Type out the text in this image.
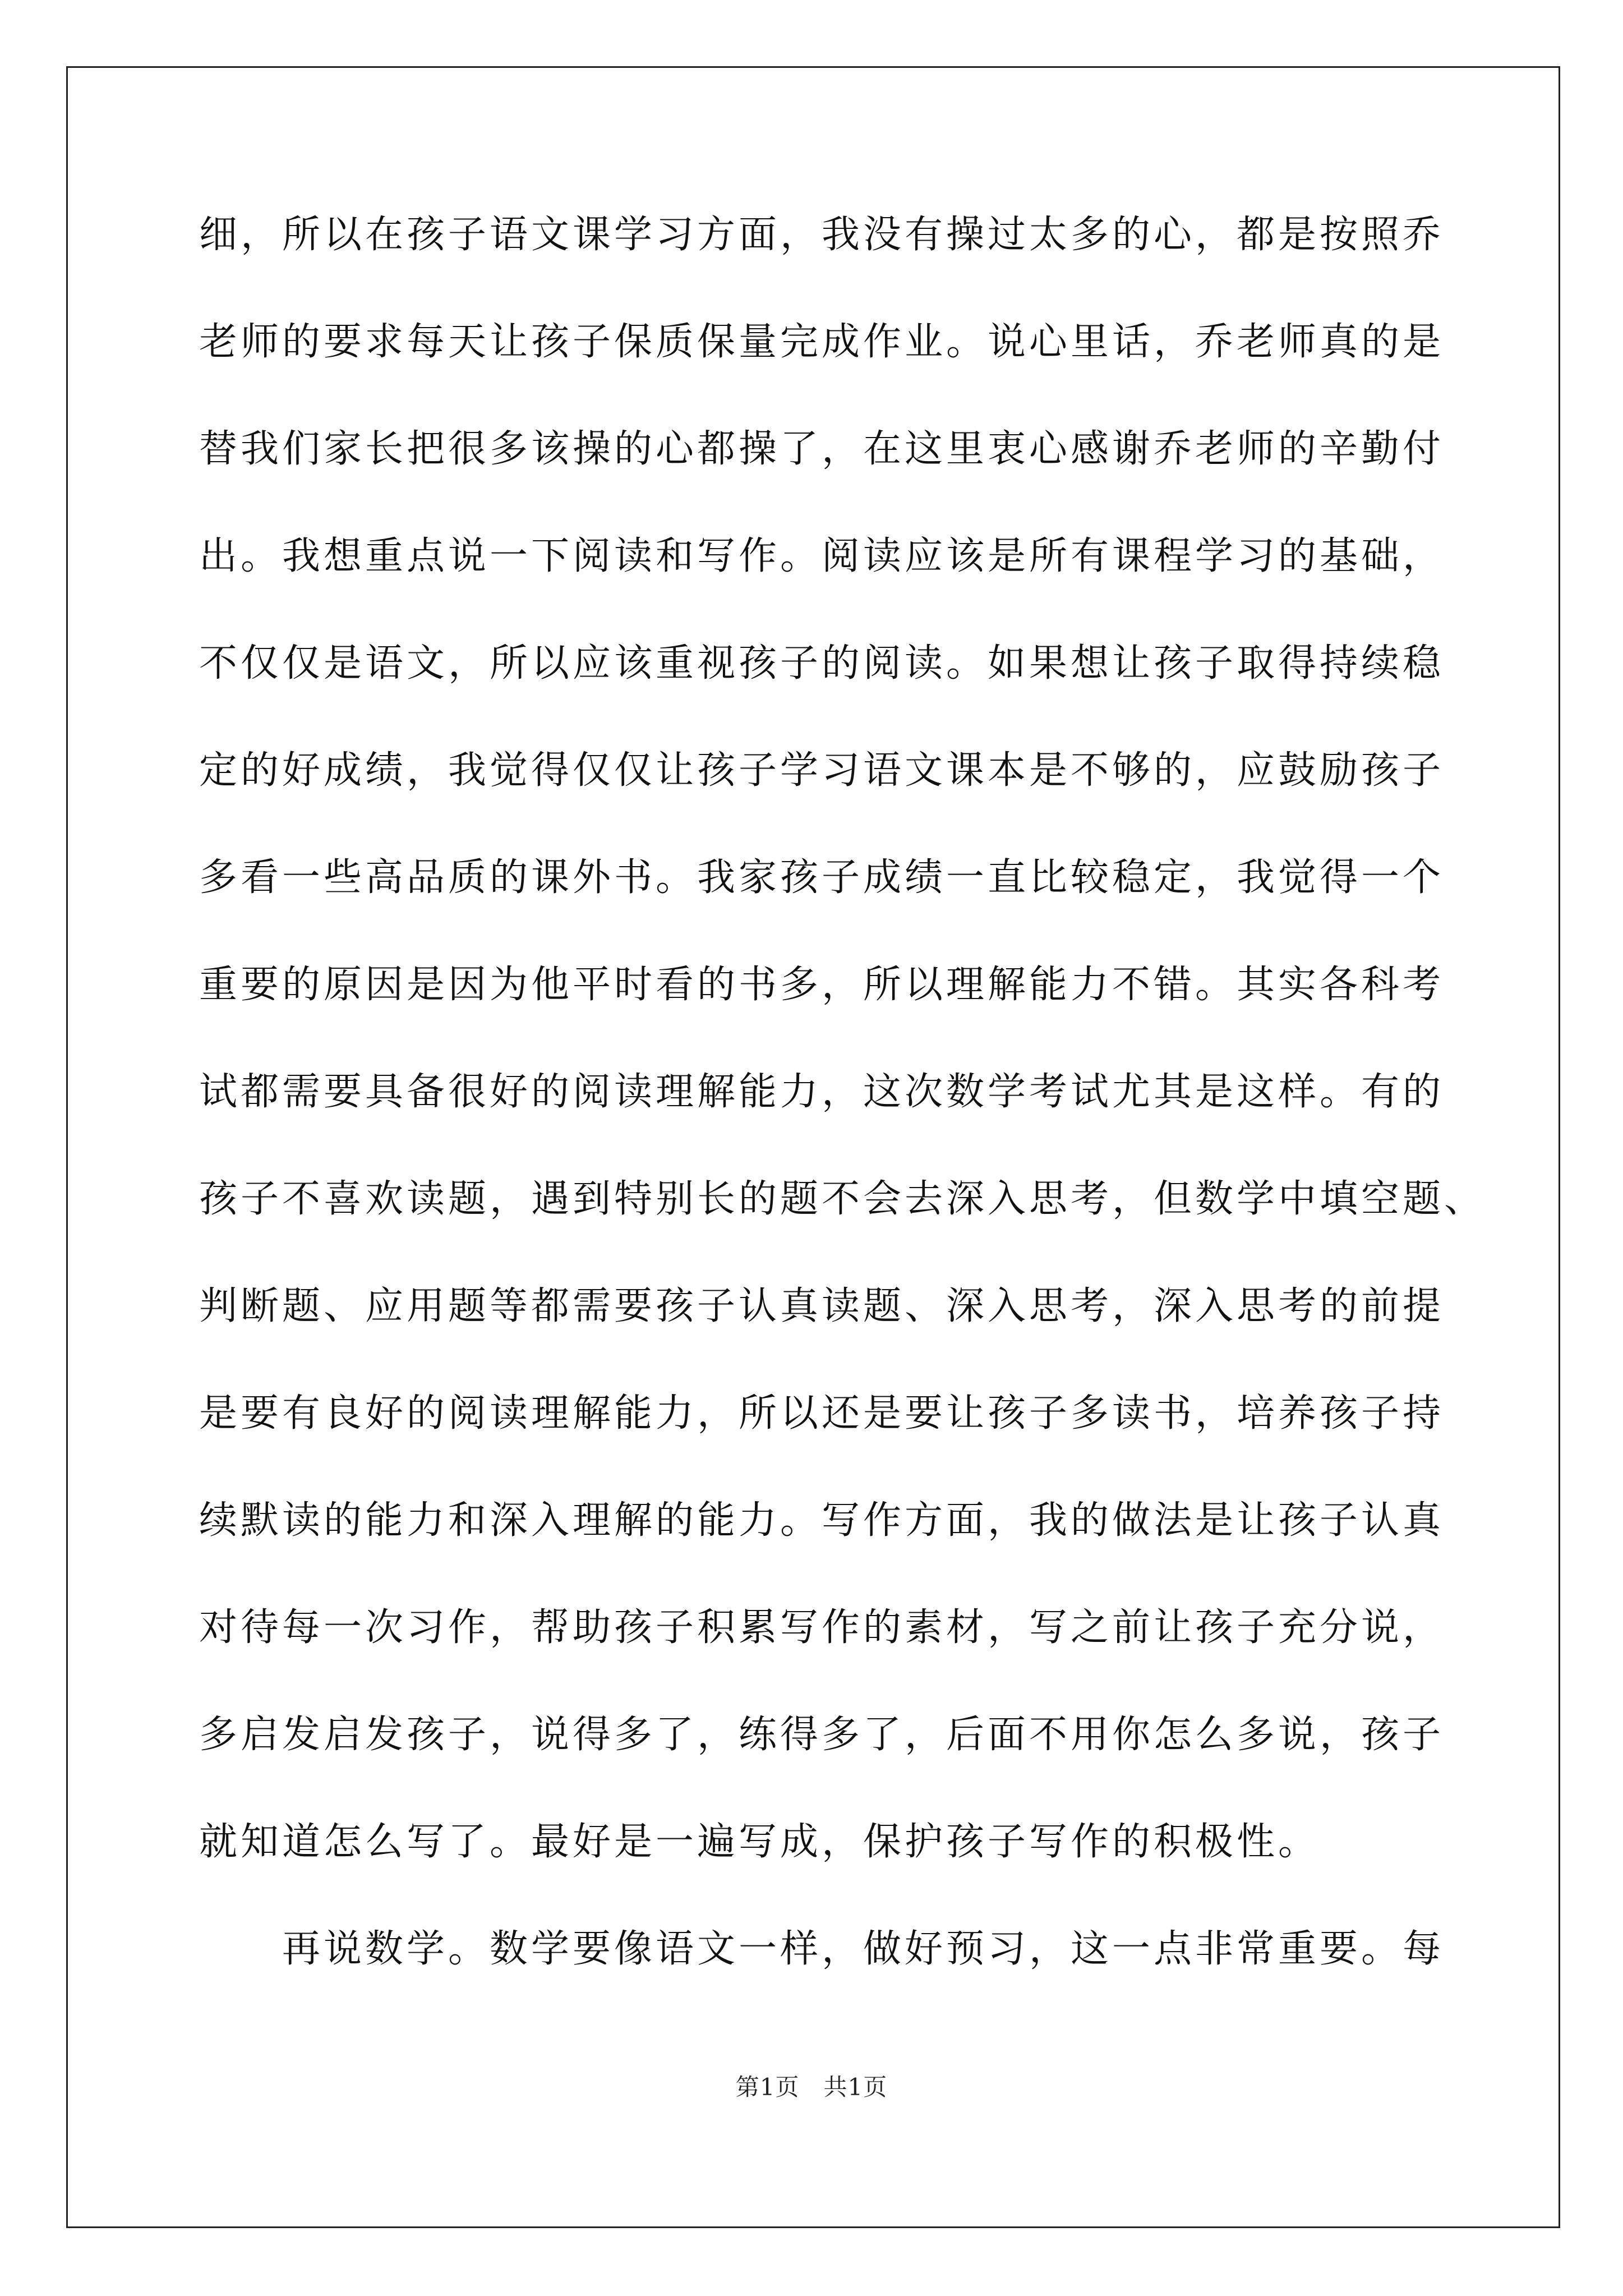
细，所以在孩子语文课学习方面，我没有操过太多的心，都是按照乔
老师的要求每天让孩子保质保量完成作业。说心里话，乔老师真的是
替我们家长把很多该操的心都操了，在这里衷心感谢乔老师的辛勤付
出。我想重点说一下阅读和写作。阅读应该是所有课程学习的基础，
不仅仅是语文，所以应该重视孩子的阅读。如果想让孩子取得持续稳
定的好成绩，我觉得仅仅让孩子学习语文课本是不够的，应鼓励孩子
多看一些高品质的课外书。我家孩子成绩一直比较稳定，我觉得一个
重要的原因是因为他平时看的书多，所以理解能力不错。其实各科考
试都需要具备很好的阅读理解能力，这次数学考试尤其是这样。有的
孩子不喜欢读题，遇到特别长的题不会去深入思考，但数学中填空题、
判断题、应用题等都需要孩子认真读题、深入思考，深入思考的前提
是要有良好的阅读理解能力，所以还是要让孩子多读书，培养孩子持
续默读的能力和深入理解的能力。写作方面，我的做法是让孩子认真
对待每一次习作，帮助孩子积累写作的素材，写之前让孩子充分说，
多启发启发孩子，说得多了，练得多了，后面不用你怎么多说，孩子
就知道怎么写了。最好是一遍写成，保护孩子写作的积极性。
再说数学。数学要像语文一样，做好预习，这一点非常重要。每
第1页　共1页
